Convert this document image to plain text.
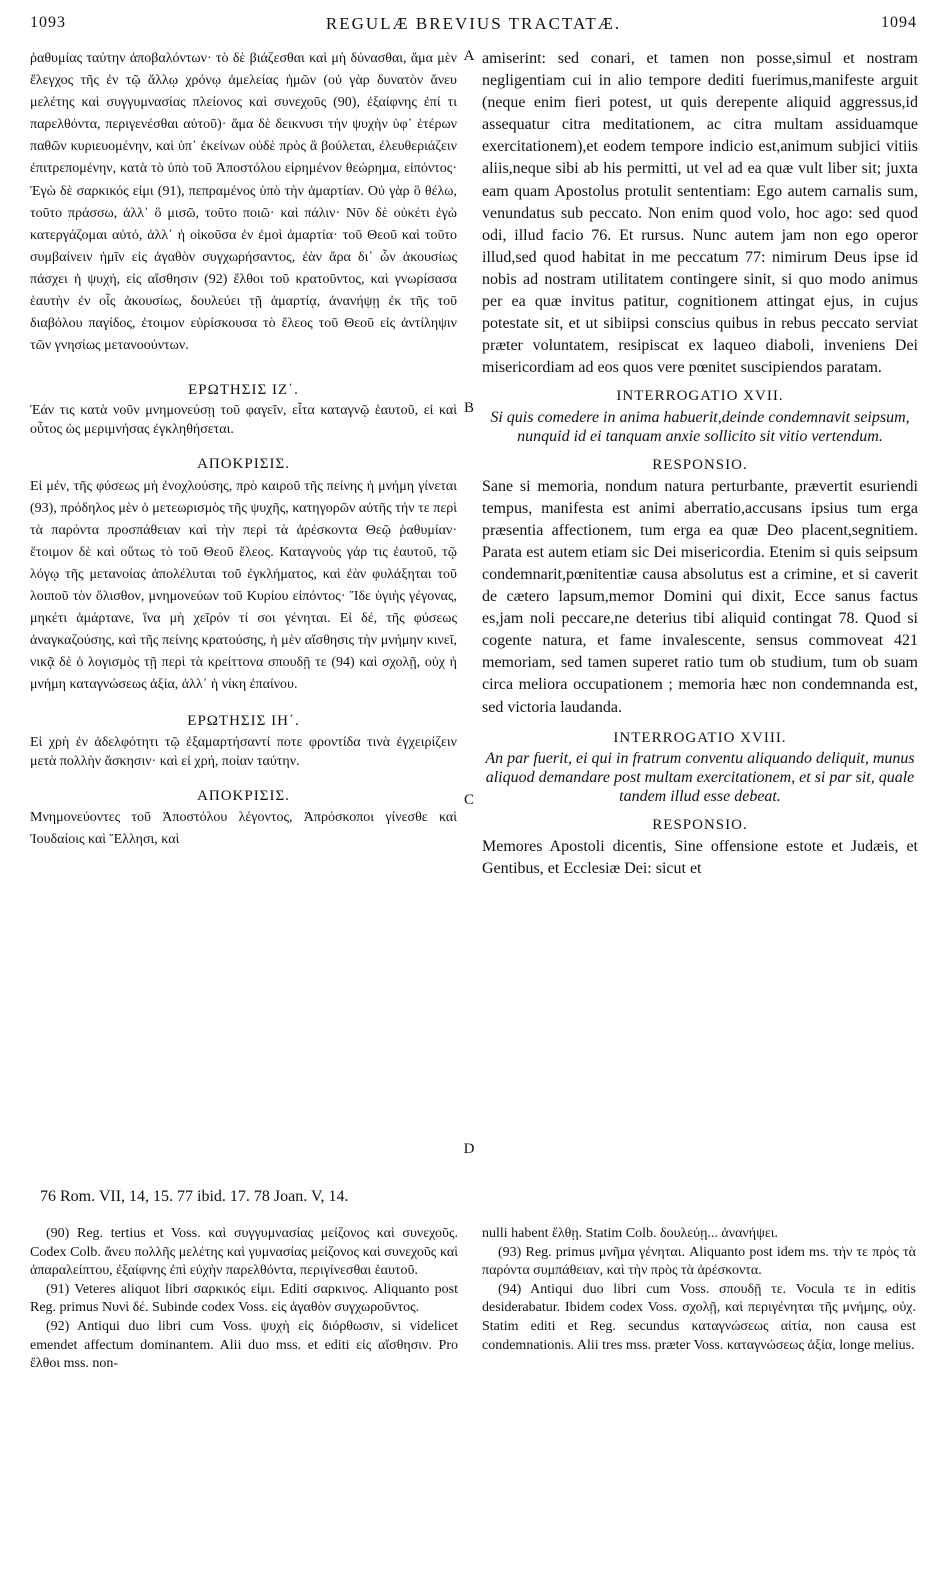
1093	REGULÆ BREVIUS TRACTATÆ.	1094
A
B
C
D

ῥαθυμίας ταύτην ἀποβαλόντων· τὸ δὲ βιάζεσθαι καὶ μὴ δύνασθαι, ἅμα μὲν ἔλεγχος τῆς ἐν τῷ ἄλλῳ χρόνῳ ἀμελείας ἡμῶν (οὐ γὰρ δυνατὸν ἄνευ μελέτης καὶ συγγυμνασίας πλείονος καὶ συνεχοῦς (90), ἐξαίφνης ἐπί τι παρελθόντα, περιγενέσθαι αὐτοῦ)· ἅμα δὲ δεικνυσι τὴν ψυχὴν ὑφ᾽ ἑτέρων παθῶν κυριευομένην, καὶ ὑπ᾽ ἐκείνων οὐδὲ πρὸς ἃ βούλεται, ἐλευθεριάζειν ἐπιτρεπομένην, κατὰ τὸ ὑπὸ τοῦ Ἀποστόλου εἰρημένον θεώρημα, εἰπόντος· Ἐγὼ δὲ σαρκικός εἰμι (91), πεπραμένος ὑπὸ τὴν ἁμαρτίαν. Οὐ γὰρ ὃ θέλω, τοῦτο πράσσω, ἀλλ᾽ ὃ μισῶ, τοῦτο ποιῶ· καὶ πάλιν· Νῦν δὲ οὐκέτι ἐγὼ κατεργάζομαι αὐτό, ἀλλ᾽ ἡ οἰκοῦσα ἐν ἐμοὶ ἁμαρτία· τοῦ Θεοῦ καὶ τοῦτο συμβαίνειν ἡμῖν εἰς ἀγαθὸν συγχωρήσαντος, ἐὰν ἄρα δι᾽ ὧν ἀκουσίως πάσχει ἡ ψυχή, εἰς αἴσθησιν (92) ἔλθοι τοῦ κρατοῦντος, καὶ γνωρίσασα ἑαυτὴν ἐν οἷς ἀκουσίως, δουλεύει τῇ ἁμαρτίᾳ, ἀνανήψῃ ἐκ τῆς τοῦ διαβόλου παγίδος, ἑτοιμον εὑρίσκουσα τὸ ἔλεος τοῦ Θεοῦ εἰς ἀντίληψιν τῶν γνησίως μετανοούντων.

ΕΡΩΤΗΣΙΣ ΙΖ΄.

Ἐάν τις κατὰ νοῦν μνημονεύσῃ τοῦ φαγεῖν, εἶτα καταγνῷ ἑαυτοῦ, εἰ καὶ οὗτος ὡς μεριμνήσας ἐγκληθήσεται.

ΑΠΟΚΡΙΣΙΣ.

Εἰ μέν, τῆς φύσεως μὴ ἐνοχλούσης, πρὸ καιροῦ τῆς πείνης ἡ μνήμη γίνεται (93), πρόδηλος μὲν ὁ μετεωρισμὸς τῆς ψυχῆς, κατηγορῶν αὐτῆς τήν τε περὶ τὰ παρόντα προσπάθειαν καὶ τὴν περὶ τὰ ἀρέσκοντα Θεῷ ῥαθυμίαν· ἕτοιμον δὲ καὶ οὕτως τὸ τοῦ Θεοῦ ἔλεος. Καταγνοὺς γάρ τις ἑαυτοῦ, τῷ λόγῳ τῆς μετανοίας ἀπολέλυται τοῦ ἐγκλήματος, καὶ ἐὰν φυλάξηται τοῦ λοιποῦ τὸν ὄλισθον, μνημονεύων τοῦ Κυρίου εἰπόντος· Ἴδε ὑγιὴς γέγονας, μηκέτι ἁμάρτανε, ἵνα μὴ χεῖρόν τί σοι γένηται. Εἰ δέ, τῆς φύσεως ἀναγκαζούσης, καὶ τῆς πείνης κρατούσης, ἡ μὲν αἴσθησις τὴν μνήμην κινεῖ, νικᾷ δὲ ὁ λογισμὸς τῇ περὶ τὰ κρείττονα σπουδῇ τε (94) καὶ σχολῇ, οὐχ ἡ μνήμη καταγνώσεως ἀξία, ἀλλ᾽ ἡ νίκη ἐπαίνου.

ΕΡΩΤΗΣΙΣ ΙΗ΄.

Εἰ χρὴ ἐν ἀδελφότητι τῷ ἐξαμαρτήσαντί ποτε φροντίδα τινὰ ἐγχειρίζειν μετὰ πολλὴν ἄσκησιν· καὶ εἰ χρή, ποίαν ταύτην.

ΑΠΟΚΡΙΣΙΣ.

Μνημονεύοντες τοῦ Ἀποστόλου λέγοντος, Ἀπρόσκοποι γίνεσθε καὶ Ἰουδαίοις καὶ Ἕλλησι, καὶ

amiserint: sed conari, et tamen non posse,simul et nostram negligentiam cui in alio tempore dediti fuerimus,manifeste arguit (neque enim fieri potest, ut quis derepente aliquid aggressus,id assequatur citra meditationem, ac citra multam assiduamque exercitationem),et eodem tempore indicio est,animum subjici vitiis aliis,neque sibi ab his permitti, ut vel ad ea quæ vult liber sit; juxta eam quam Apostolus protulit sententiam: Ego autem carnalis sum, venundatus sub peccato. Non enim quod volo, hoc ago: sed quod odi, illud facio 76. Et rursus. Nunc autem jam non ego operor illud,sed quod habitat in me peccatum 77: nimirum Deus ipse id nobis ad nostram utilitatem contingere sinit, si quo modo animus per ea quæ invitus patitur, cognitionem attingat ejus, in cujus potestate sit, et ut sibiipsi conscius quibus in rebus peccato serviat præter voluntatem, resipiscat ex laqueo diaboli, inveniens Dei misericordiam ad eos quos vere pœnitet suscipiendos paratam.

INTERROGATIO XVII.

Si quis comedere in anima habuerit,deinde condemnavit seipsum, nunquid id ei tanquam anxie sollicito sit vitio vertendum.

RESPONSIO.

Sane si memoria, nondum natura perturbante, prævertit esuriendi tempus, manifesta est animi aberratio,accusans ipsius tum erga præsentia affectionem, tum erga ea quæ Deo placent,segnitiem. Parata est autem etiam sic Dei misericordia. Etenim si quis seipsum condemnarit,pœnitentiæ causa absolutus est a crimine, et si caverit de cætero lapsum,memor Domini qui dixit, Ecce sanus factus es,jam noli peccare,ne deterius tibi aliquid contingat 78. Quod si cogente natura, et fame invalescente, sensus commoveat 421 memoriam, sed tamen superet ratio tum ob studium, tum ob suam circa meliora occupationem ; memoria hæc non condemnanda est, sed victoria laudanda.

INTERROGATIO XVIII.

An par fuerit, ei qui in fratrum conventu aliquando deliquit, munus aliquod demandare post multam exercitationem, et si par sit, quale tandem illud esse debeat.

RESPONSIO.

Memores Apostoli dicentis, Sine offensione estote et Judæis, et Gentibus, et Ecclesiæ Dei: sicut et

76 Rom. VII, 14, 15. 77 ibid. 17. 78 Joan. V, 14.

(90) Reg. tertius et Voss. καὶ συγγυμνασίας μείζονος καὶ συνεχοῦς. Codex Colb. ἄνευ πολλῆς μελέτης καὶ γυμνασίας μείζονος καὶ συνεχοῦς καὶ ἀπαραλείπτου, ἐξαίφνης ἐπὶ εὐχὴν παρελθόντα, περιγίνεσθαι ἑαυτοῦ.

(91) Veteres aliquot libri σαρκικός εἰμι. Editi σαρκινος. Aliquanto post Reg. primus Νυνὶ δέ. Subinde codex Voss. εἰς ἀγαθὸν συγχωροῦντος.

(92) Antiqui duo libri cum Voss. ψυχὴ εἰς διόρθωσιν, si videlicet emendet affectum dominantem. Alii duo mss. et editi εἰς αἴσθησιν. Pro ἔλθοι mss. non-

nulli habent ἔλθῃ. Statim Colb. δουλεύῃ... ἀνανήψει.

(93) Reg. primus μνῆμα γένηται. Aliquanto post idem ms. τήν τε πρὸς τὰ παρόντα συμπάθειαν, καὶ τὴν πρὸς τὰ ἀρέσκοντα.

(94) Antiqui duo libri cum Voss. σπουδῇ τε. Vocula τε in editis desiderabatur. Ibidem codex Voss. σχολῇ, καὶ περιγένηται τῆς μνήμης, οὐχ. Statim editi et Reg. secundus καταγνώσεως αἰτία, non causa est condemnationis. Alii tres mss. præter Voss. καταγνώσεως ἀξία, longe melius.
